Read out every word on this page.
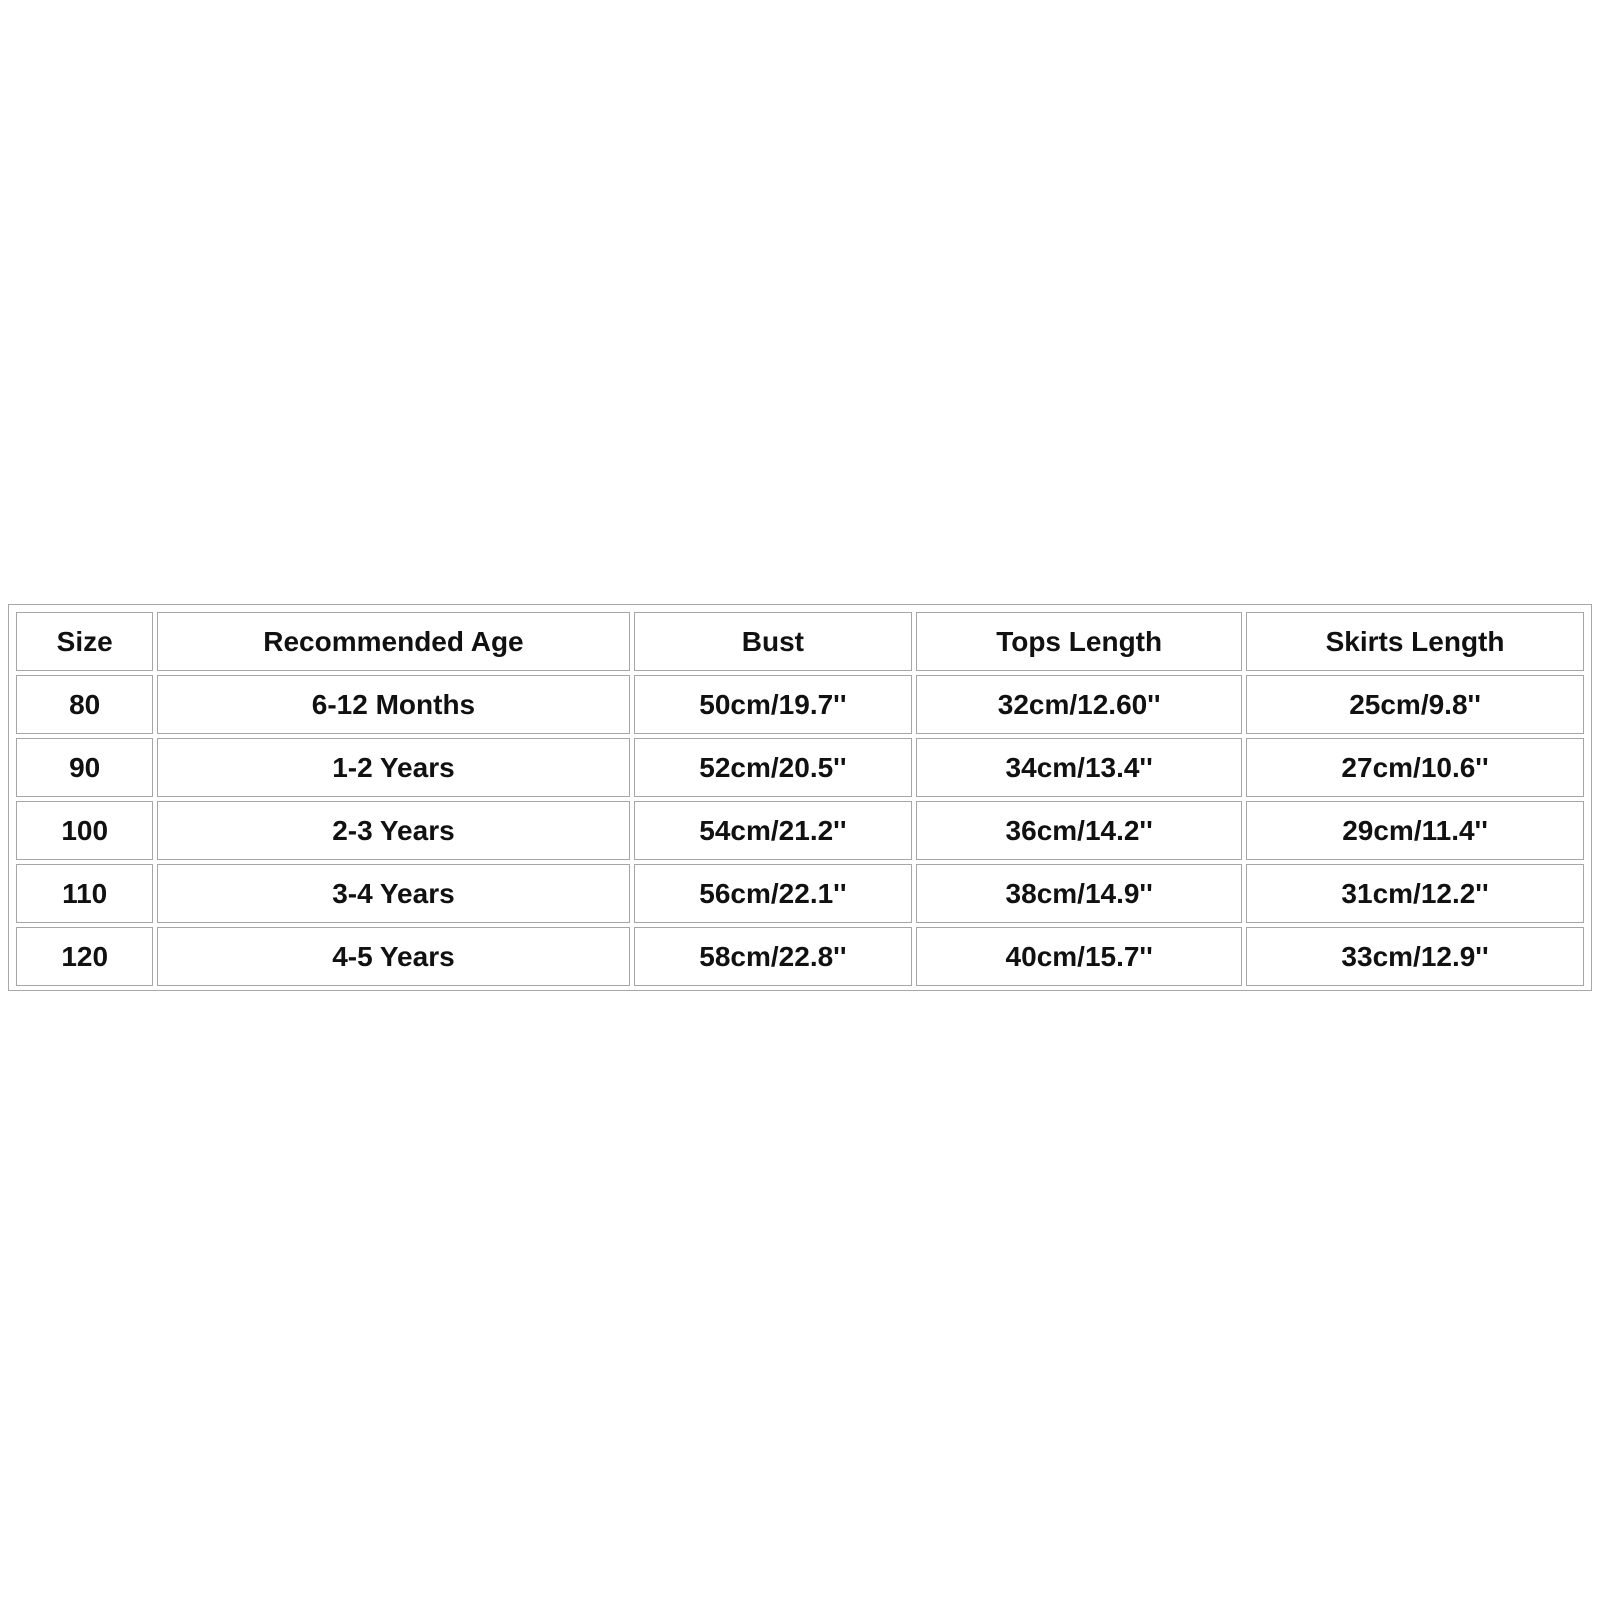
Size	Recommended Age	Bust	Tops Length	Skirts Length
80	6-12 Months	50cm/19.7''	32cm/12.60''	25cm/9.8''
90	1-2 Years	52cm/20.5''	34cm/13.4''	27cm/10.6''
100	2-3 Years	54cm/21.2''	36cm/14.2''	29cm/11.4''
110	3-4 Years	56cm/22.1''	38cm/14.9''	31cm/12.2''
120	4-5 Years	58cm/22.8''	40cm/15.7''	33cm/12.9''
